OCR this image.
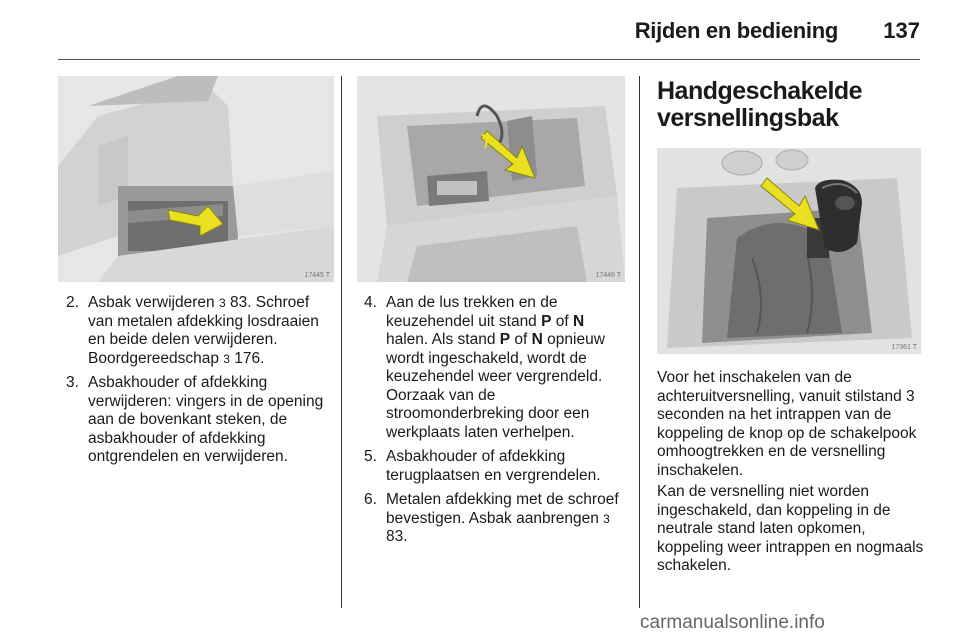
Rijden en bediening 137
17445 T	17446 T
17361 T
2. Asbak verwijderen 3 83. Schroef van metalen afdekking losdraaien en beide delen verwijderen. Boordgereedschap 3 176.
3. Asbakhouder of afdekking verwijderen: vingers in de opening aan de bovenkant steken, de asbakhouder of afdekking ontgrendelen en verwijderen.
4. Aan de lus trekken en de keuzehendel uit stand P of N halen. Als stand P of N opnieuw wordt ingeschakeld, wordt de keuzehendel weer vergrendeld. Oorzaak van de stroomonderbreking door een werkplaats laten verhelpen.
5. Asbakhouder of afdekking terugplaatsen en vergrendelen.
6. Metalen afdekking met de schroef bevestigen. Asbak aanbrengen 3 83.
Handgeschakelde versnellingsbak

Voor het inschakelen van de achteruitversnelling, vanuit stilstand 3 seconden na het intrappen van de koppeling de knop op de schakelpook omhoogtrekken en de versnelling inschakelen.

Kan de versnelling niet worden ingeschakeld, dan koppeling in de neutrale stand laten opkomen, koppeling weer intrappen en nogmaals schakelen.

carmanualsonline.info
